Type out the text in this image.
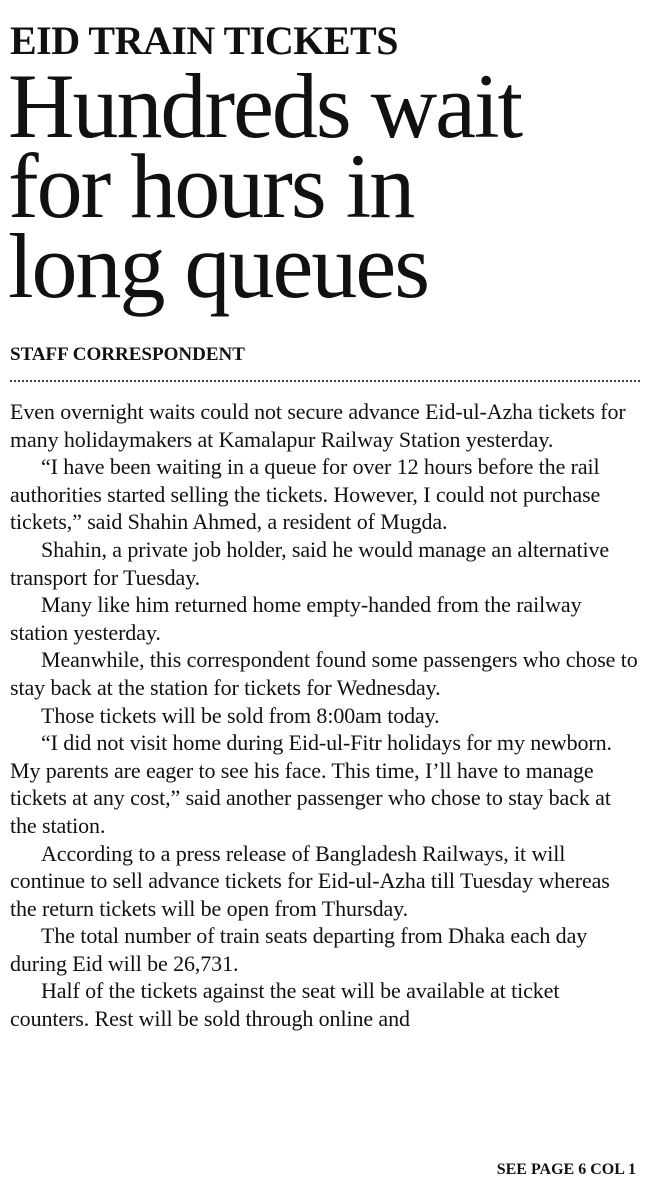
EID TRAIN TICKETS
Hundreds wait
for hours in
long queues
STAFF CORRESPONDENT

Even overnight waits could not secure advance Eid-ul-Azha tickets for many holidaymakers at Kamalapur Railway Station yesterday.

“I have been waiting in a queue for over 12 hours before the rail authorities started selling the tickets. However, I could not purchase tickets,” said Shahin Ahmed, a resident of Mugda.

Shahin, a private job holder, said he would manage an alternative transport for Tuesday.

Many like him returned home empty-handed from the railway station yesterday.

Meanwhile, this correspondent found some passengers who chose to stay back at the station for tickets for Wednesday.

Those tickets will be sold from 8:00am today.

“I did not visit home during Eid-ul-Fitr holidays for my newborn. My parents are eager to see his face. This time, I’ll have to manage tickets at any cost,” said another passenger who chose to stay back at the station.

According to a press release of Bangladesh Railways, it will continue to sell advance tickets for Eid-ul-Azha till Tuesday whereas the return tickets will be open from Thursday.

The total number of train seats departing from Dhaka each day during Eid will be 26,731.

Half of the tickets against the seat will be available at ticket counters. Rest will be sold through online and

SEE PAGE 6 COL 1
